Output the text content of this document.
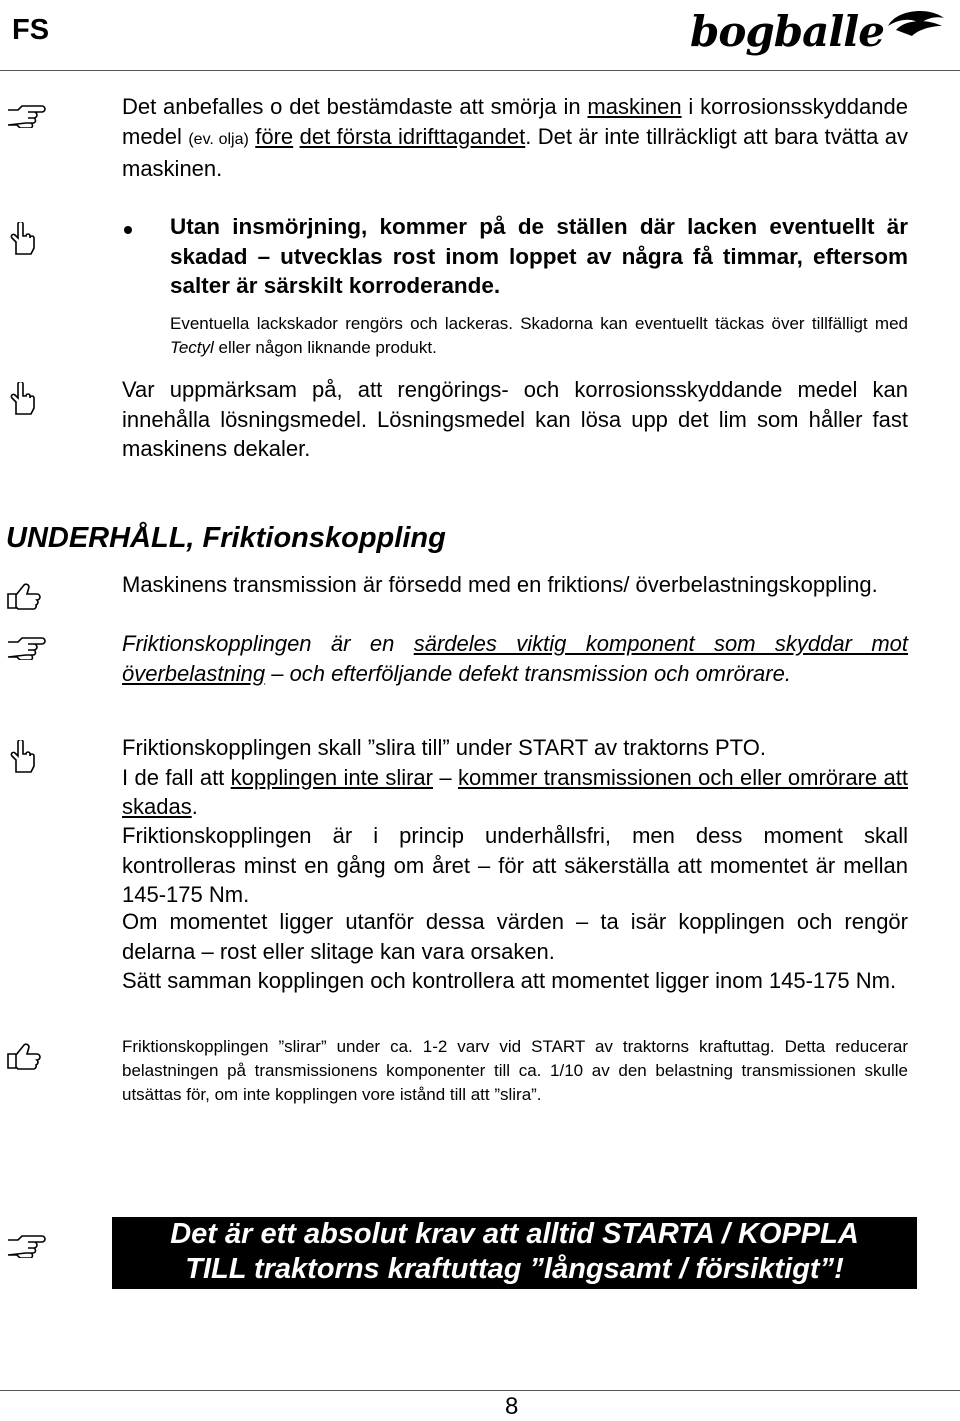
FS	bogballe
Det anbefalles o det bestämdaste att smörja in maskinen i korrosionsskyddande medel (ev. olja) före det första idrifttagandet. Det är inte tillräckligt att bara tvätta av maskinen.
Utan insmörjning, kommer på de ställen där lacken eventuellt är skadad – utvecklas rost inom loppet av några få timmar, eftersom salter är särskilt korroderande.
Eventuella lackskador rengörs och lackeras. Skadorna kan eventuellt täckas över tillfälligt med Tectyl eller någon liknande produkt.
Var uppmärksam på, att rengörings- och korrosionsskyddande medel kan innehålla lösningsmedel. Lösningsmedel kan lösa upp det lim som håller fast maskinens dekaler.
UNDERHÅLL, Friktionskoppling
Maskinens transmission är försedd med en friktions/ överbelastningskoppling.
Friktionskopplingen är en särdeles viktig komponent som skyddar mot överbelastning – och efterföljande defekt transmission och omrörare.
Friktionskopplingen skall ”slira till” under START av traktorns PTO.
I de fall att kopplingen inte slirar – kommer transmissionen och eller omrörare att skadas.
Friktionskopplingen är i princip underhållsfri, men dess moment skall kontrolleras minst en gång om året – för att säkerställa att momentet är mellan 145-175 Nm.
Om momentet ligger utanför dessa värden – ta isär kopplingen och rengör delarna – rost eller slitage kan vara orsaken.
Sätt samman kopplingen och kontrollera att momentet ligger inom 145-175 Nm.
Friktionskopplingen ”slirar” under ca. 1-2 varv vid START av traktorns kraftuttag. Detta reducerar belastningen på transmissionens komponenter till ca. 1/10 av den belastning transmissionen skulle utsättas för, om inte kopplingen vore istånd till att ”slira”.
Det är ett absolut krav att alltid STARTA / KOPPLA
TILL traktorns kraftuttag ”långsamt / försiktigt”!
8
